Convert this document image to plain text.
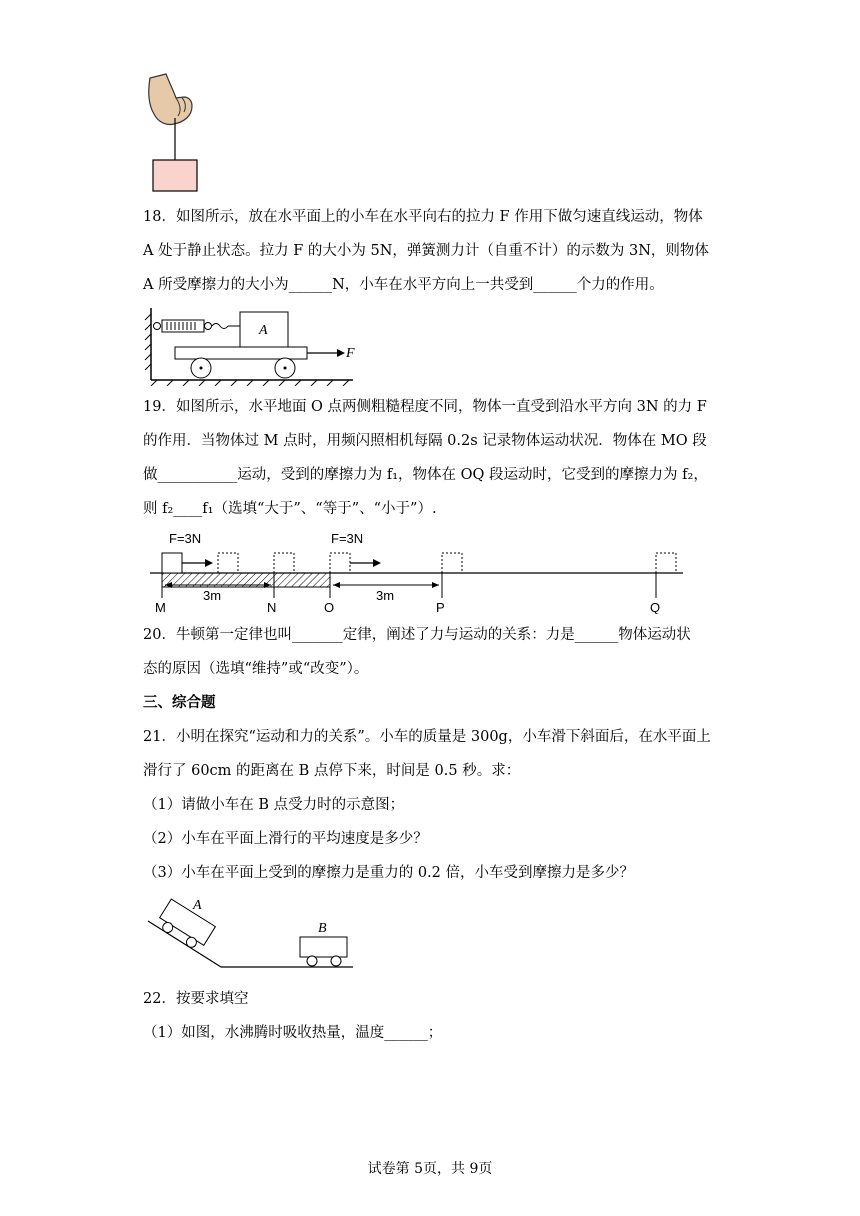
18．如图所示，放在水平面上的小车在水平向右的拉力 F 作用下做匀速直线运动，物体
A 处于静止状态。拉力 F 的大小为 5N，弹簧测力计（自重不计）的示数为 3N，则物体
A 所受摩擦力的大小为______N，小车在水平方向上一共受到______个力的作用。
A
F
19．如图所示，水平地面 O 点两侧粗糙程度不同，物体一直受到沿水平方向 3N 的力 F
的作用．当物体过 M 点时，用频闪照相机每隔 0.2s 记录物体运动状况．物体在 MO 段
做___________运动，受到的摩擦力为 f₁，物体在 OQ 段运动时，它受到的摩擦力为 f₂，
则 f₂____f₁（选填“大于”、“等于”、“小于”）.
F=3N	F=3N
3m	3m
M	N	O	P	Q
20．牛顿第一定律也叫_______定律，阐述了力与运动的关系：力是______物体运动状
态的原因（选填“维持”或“改变”）。
三、综合题
21．小明在探究“运动和力的关系”。小车的质量是 300g，小车滑下斜面后，在水平面上
滑行了 60cm 的距离在 B 点停下来，时间是 0.5 秒。求：
（1）请做小车在 B 点受力时的示意图；
（2）小车在平面上滑行的平均速度是多少？
（3）小车在平面上受到的摩擦力是重力的 0.2 倍，小车受到摩擦力是多少？
A
B
22．按要求填空
（1）如图，水沸腾时吸收热量，温度______；
试卷第 5页，共 9页
